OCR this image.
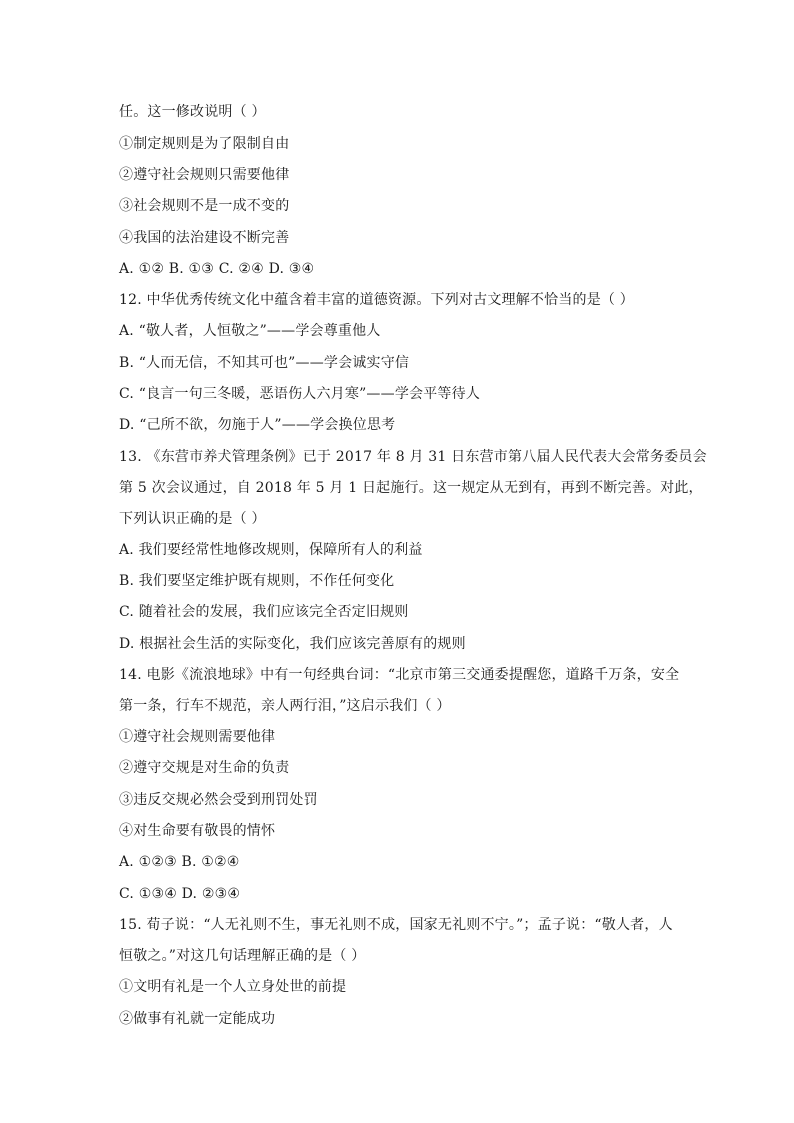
任。这一修改说明（ ）
①制定规则是为了限制自由
②遵守社会规则只需要他律
③社会规则不是一成不变的
④我国的法治建设不断完善
A. ①② B. ①③ C. ②④ D. ③④
12. 中华优秀传统文化中蕴含着丰富的道德资源。下列对古文理解不恰当的是（ ）
A. “敬人者，人恒敬之”——学会尊重他人
B. “人而无信，不知其可也”——学会诚实守信
C. “良言一句三冬暖，恶语伤人六月寒”——学会平等待人
D. “己所不欲，勿施于人”——学会换位思考
13. 《东营市养犬管理条例》已于 2017 年 8 月 31 日东营市第八届人民代表大会常务委员会
第 5 次会议通过，自 2018 年 5 月 1 日起施行。这一规定从无到有，再到不断完善。对此，
下列认识正确的是（ ）
B. 我们要坚定维护既有规则，不作任何变化
A. 我们要经常性地修改规则，保障所有人的利益
C. 随着社会的发展，我们应该完全否定旧规则
D. 根据社会生活的实际变化，我们应该完善原有的规则
14. 电影《流浪地球》中有一句经典台词：“北京市第三交通委提醒您，道路千万条，安全
第一条，行车不规范，亲人两行泪，”这启示我们（ ）
①遵守社会规则需要他律
②遵守交规是对生命的负责
③违反交规必然会受到刑罚处罚
④对生命要有敬畏的情怀
A. ①②③ B. ①②④
C. ①③④ D. ②③④
15. 荀子说：“人无礼则不生，事无礼则不成，国家无礼则不宁。”；孟子说：“敬人者，人
恒敬之。”对这几句话理解正确的是（ ）
①文明有礼是一个人立身处世的前提
②做事有礼就一定能成功
